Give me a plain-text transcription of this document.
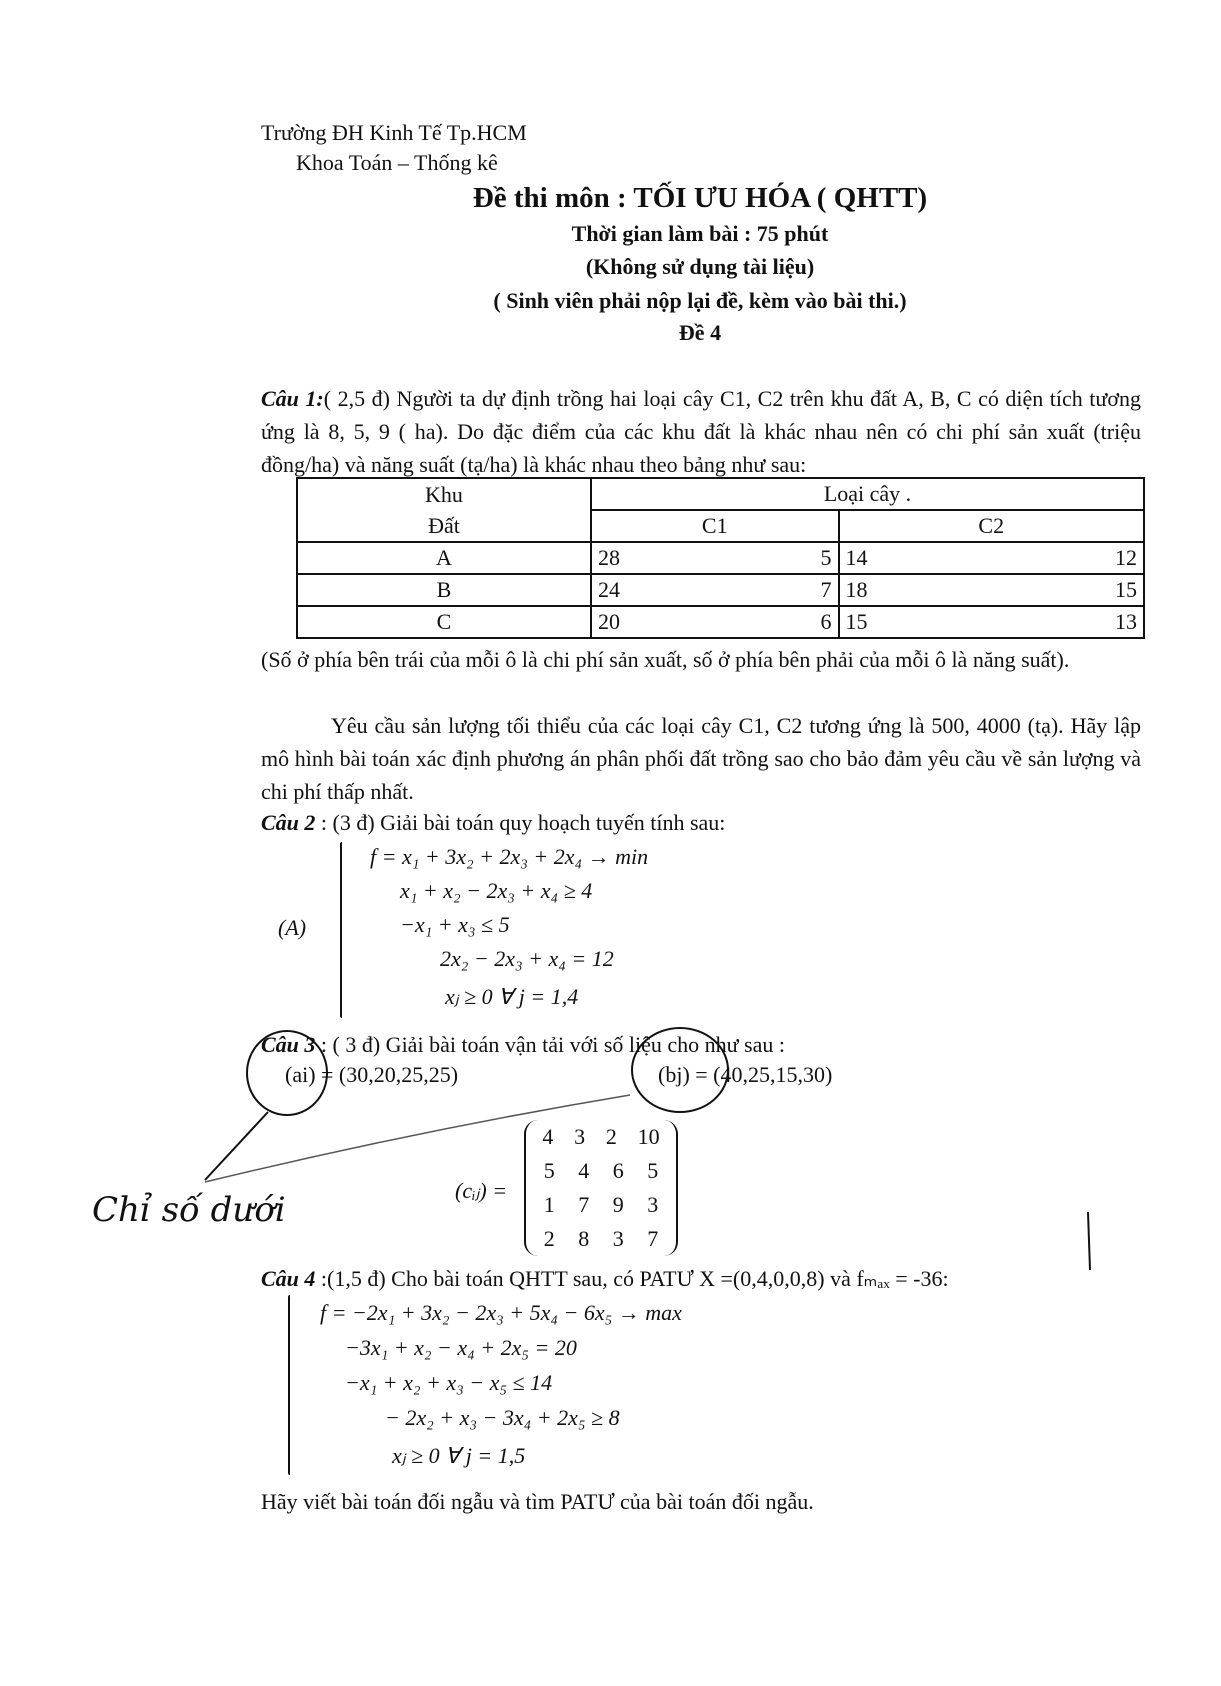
Trường ĐH Kinh Tế Tp.HCM
Khoa Toán – Thống kê
Đề thi môn : TỐI ƯU HÓA ( QHTT)
Thời gian làm bài : 75 phút
(Không sử dụng tài liệu)
( Sinh viên phải nộp lại đề, kèm vào bài thi.)
Đề 4
Câu 1:( 2,5 đ) Người ta dự định trồng hai loại cây C1, C2 trên khu đất A, B, C có diện tích tương ứng là 8, 5, 9 ( ha). Do đặc điểm của các khu đất là khác nhau nên có chi phí sản xuất (triệu đồng/ha) và năng suất (tạ/ha) là khác nhau theo bảng như sau:
Khu	Loại cây .	
Đất	C1	C2
A	28 5	14 12

B	24 7	18 15

C	20 6	15 13
(Số ở phía bên trái của mỗi ô là chi phí sản xuất, số ở phía bên phải của mỗi ô là năng suất).
Yêu cầu sản lượng tối thiểu của các loại cây C1, C2 tương ứng là 500, 4000 (tạ). Hãy lập mô hình bài toán xác định phương án phân phối đất trồng sao cho bảo đảm yêu cầu về sản lượng và chi phí thấp nhất.
Câu 2 : (3 đ) Giải bài toán quy hoạch tuyến tính sau:
(A)
f = x₁ + 3x₂ + 2x₃ + 2x₄ → min
x₁ + x₂ − 2x₃ + x₄ ≥ 4
−x₁ + x₃ ≤ 5
2x₂ − 2x₃ + x₄ = 12
xⱼ ≥ 0 ∀ j = 1,4
Câu 3 : ( 3 đ) Giải bài toán vận tải với số liệu cho như sau :
(ai) = (30,20,25,25)	(bj) = (40,25,15,30)
(cᵢⱼ) =
4 3 2 10
5 4 6 5
1 7 9 3
2 8 3 7
Chỉ số dưới
Câu 4 :(1,5 đ) Cho bài toán QHTT sau, có PATƯ X =(0,4,0,0,8) và fₘₐₓ = -36:
f = −2x₁ + 3x₂ − 2x₃ + 5x₄ − 6x₅ → max
−3x₁ + x₂ − x₄ + 2x₅ = 20
−x₁ + x₂ + x₃ − x₅ ≤ 14
− 2x₂ + x₃ − 3x₄ + 2x₅ ≥ 8
xⱼ ≥ 0 ∀ j = 1,5
Hãy viết bài toán đối ngẫu và tìm PATƯ của bài toán đối ngẫu.
